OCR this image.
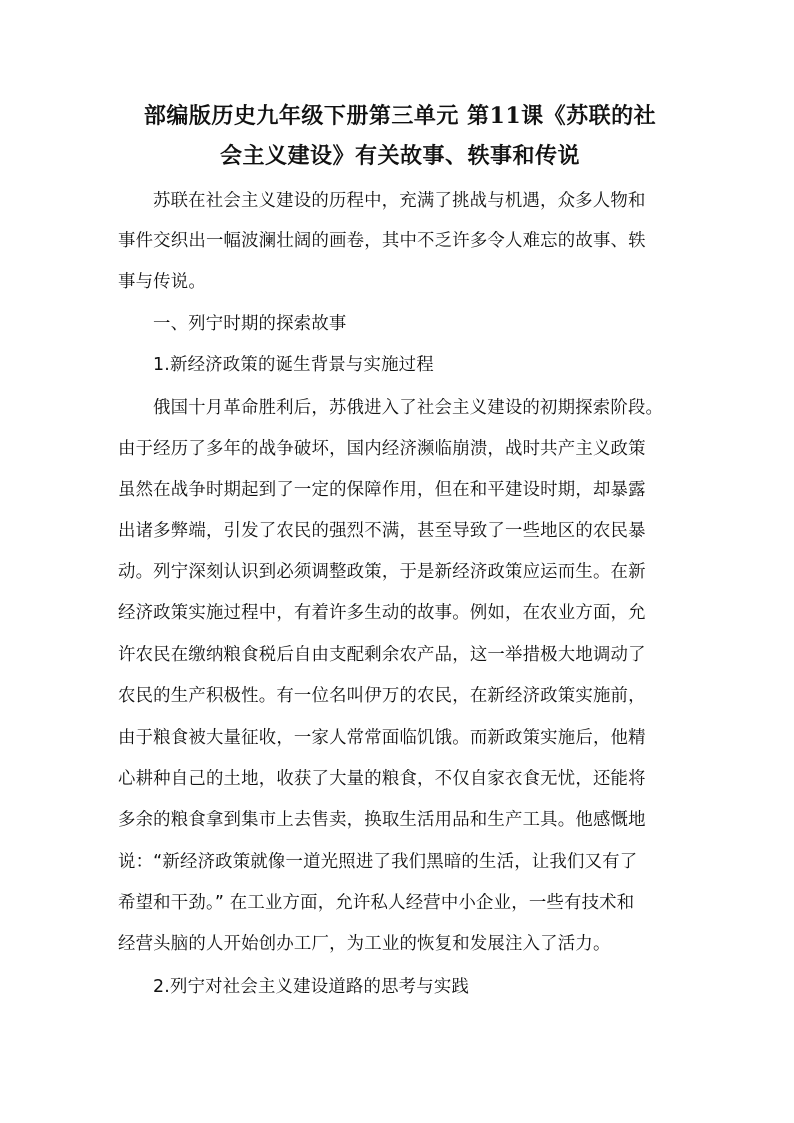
部编版历史九年级下册第三单元 第11课《苏联的社
会主义建设》有关故事、轶事和传说
苏联在社会主义建设的历程中，充满了挑战与机遇，众多人物和
事件交织出一幅波澜壮阔的画卷，其中不乏许多令人难忘的故事、轶
事与传说。
一、列宁时期的探索故事
1.新经济政策的诞生背景与实施过程
俄国十月革命胜利后，苏俄进入了社会主义建设的初期探索阶段。
由于经历了多年的战争破坏，国内经济濒临崩溃，战时共产主义政策
虽然在战争时期起到了一定的保障作用，但在和平建设时期，却暴露
出诸多弊端，引发了农民的强烈不满，甚至导致了一些地区的农民暴
动。列宁深刻认识到必须调整政策，于是新经济政策应运而生。在新
经济政策实施过程中，有着许多生动的故事。例如，在农业方面，允
许农民在缴纳粮食税后自由支配剩余农产品，这一举措极大地调动了
农民的生产积极性。有一位名叫伊万的农民，在新经济政策实施前，
由于粮食被大量征收，一家人常常面临饥饿。而新政策实施后，他精
心耕种自己的土地，收获了大量的粮食，不仅自家衣食无忧，还能将
多余的粮食拿到集市上去售卖，换取生活用品和生产工具。他感慨地
说：“新经济政策就像一道光照进了我们黑暗的生活，让我们又有了
希望和干劲。” 在工业方面，允许私人经营中小企业，一些有技术和
经营头脑的人开始创办工厂，为工业的恢复和发展注入了活力。
2.列宁对社会主义建设道路的思考与实践
